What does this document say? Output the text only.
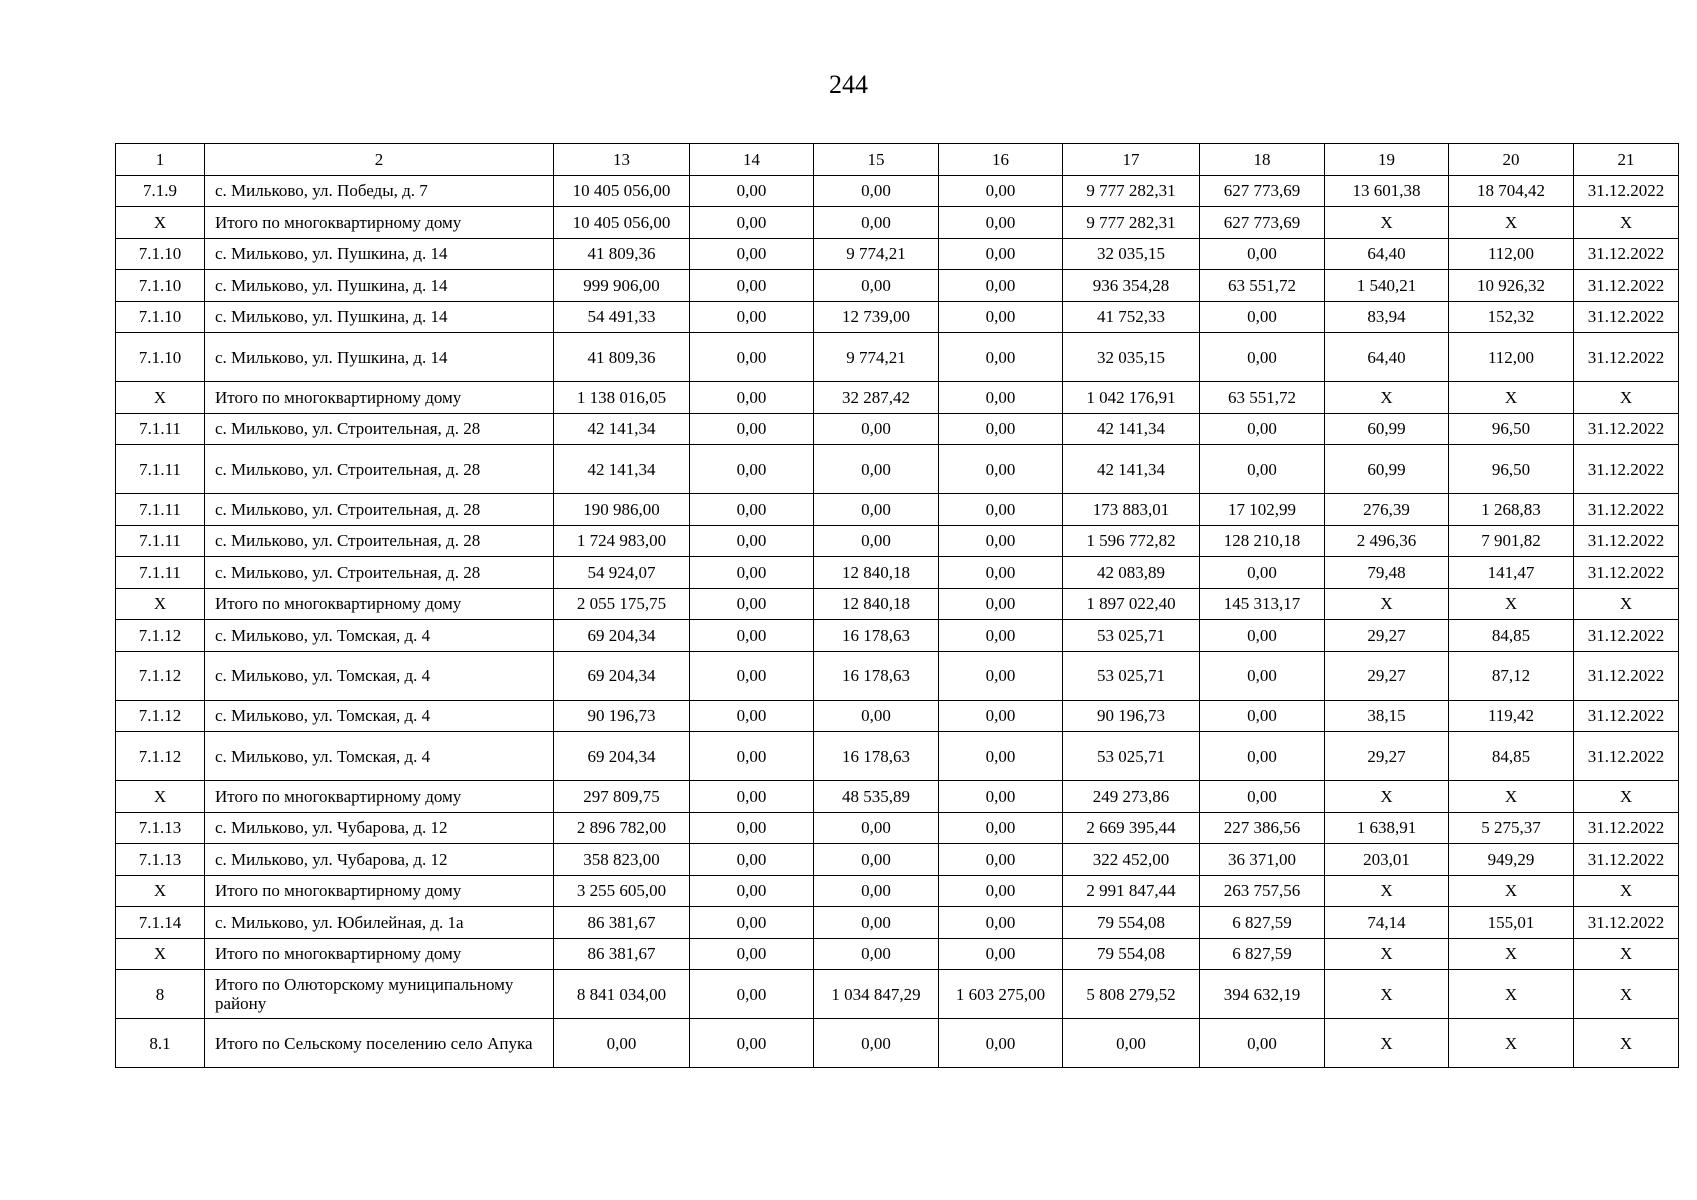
244
1	2	13	14	15	16	17	18	19	20	21
7.1.9	с. Мильково, ул. Победы, д. 7	10 405 056,00	0,00	0,00	0,00	9 777 282,31	627 773,69	13 601,38	18 704,42	31.12.2022
X	Итого по многоквартирному дому	10 405 056,00	0,00	0,00	0,00	9 777 282,31	627 773,69	X	X	X
7.1.10	с. Мильково, ул. Пушкина, д. 14	41 809,36	0,00	9 774,21	0,00	32 035,15	0,00	64,40	112,00	31.12.2022
7.1.10	с. Мильково, ул. Пушкина, д. 14	999 906,00	0,00	0,00	0,00	936 354,28	63 551,72	1 540,21	10 926,32	31.12.2022
7.1.10	с. Мильково, ул. Пушкина, д. 14	54 491,33	0,00	12 739,00	0,00	41 752,33	0,00	83,94	152,32	31.12.2022
7.1.10	с. Мильково, ул. Пушкина, д. 14	41 809,36	0,00	9 774,21	0,00	32 035,15	0,00	64,40	112,00	31.12.2022
X	Итого по многоквартирному дому	1 138 016,05	0,00	32 287,42	0,00	1 042 176,91	63 551,72	X	X	X
7.1.11	с. Мильково, ул. Строительная, д. 28	42 141,34	0,00	0,00	0,00	42 141,34	0,00	60,99	96,50	31.12.2022
7.1.11	с. Мильково, ул. Строительная, д. 28	42 141,34	0,00	0,00	0,00	42 141,34	0,00	60,99	96,50	31.12.2022
7.1.11	с. Мильково, ул. Строительная, д. 28	190 986,00	0,00	0,00	0,00	173 883,01	17 102,99	276,39	1 268,83	31.12.2022
7.1.11	с. Мильково, ул. Строительная, д. 28	1 724 983,00	0,00	0,00	0,00	1 596 772,82	128 210,18	2 496,36	7 901,82	31.12.2022
7.1.11	с. Мильково, ул. Строительная, д. 28	54 924,07	0,00	12 840,18	0,00	42 083,89	0,00	79,48	141,47	31.12.2022
X	Итого по многоквартирному дому	2 055 175,75	0,00	12 840,18	0,00	1 897 022,40	145 313,17	X	X	X
7.1.12	с. Мильково, ул. Томская, д. 4	69 204,34	0,00	16 178,63	0,00	53 025,71	0,00	29,27	84,85	31.12.2022
7.1.12	с. Мильково, ул. Томская, д. 4	69 204,34	0,00	16 178,63	0,00	53 025,71	0,00	29,27	87,12	31.12.2022
7.1.12	с. Мильково, ул. Томская, д. 4	90 196,73	0,00	0,00	0,00	90 196,73	0,00	38,15	119,42	31.12.2022
7.1.12	с. Мильково, ул. Томская, д. 4	69 204,34	0,00	16 178,63	0,00	53 025,71	0,00	29,27	84,85	31.12.2022
X	Итого по многоквартирному дому	297 809,75	0,00	48 535,89	0,00	249 273,86	0,00	X	X	X
7.1.13	с. Мильково, ул. Чубарова, д. 12	2 896 782,00	0,00	0,00	0,00	2 669 395,44	227 386,56	1 638,91	5 275,37	31.12.2022
7.1.13	с. Мильково, ул. Чубарова, д. 12	358 823,00	0,00	0,00	0,00	322 452,00	36 371,00	203,01	949,29	31.12.2022
X	Итого по многоквартирному дому	3 255 605,00	0,00	0,00	0,00	2 991 847,44	263 757,56	X	X	X
7.1.14	с. Мильково, ул. Юбилейная, д. 1а	86 381,67	0,00	0,00	0,00	79 554,08	6 827,59	74,14	155,01	31.12.2022
X	Итого по многоквартирному дому	86 381,67	0,00	0,00	0,00	79 554,08	6 827,59	X	X	X
8	Итого по Олюторскому муниципальному району	8 841 034,00	0,00	1 034 847,29	1 603 275,00	5 808 279,52	394 632,19	X	X	X
8.1	Итого по Сельскому поселению село Апука	0,00	0,00	0,00	0,00	0,00	0,00	X	X	X
